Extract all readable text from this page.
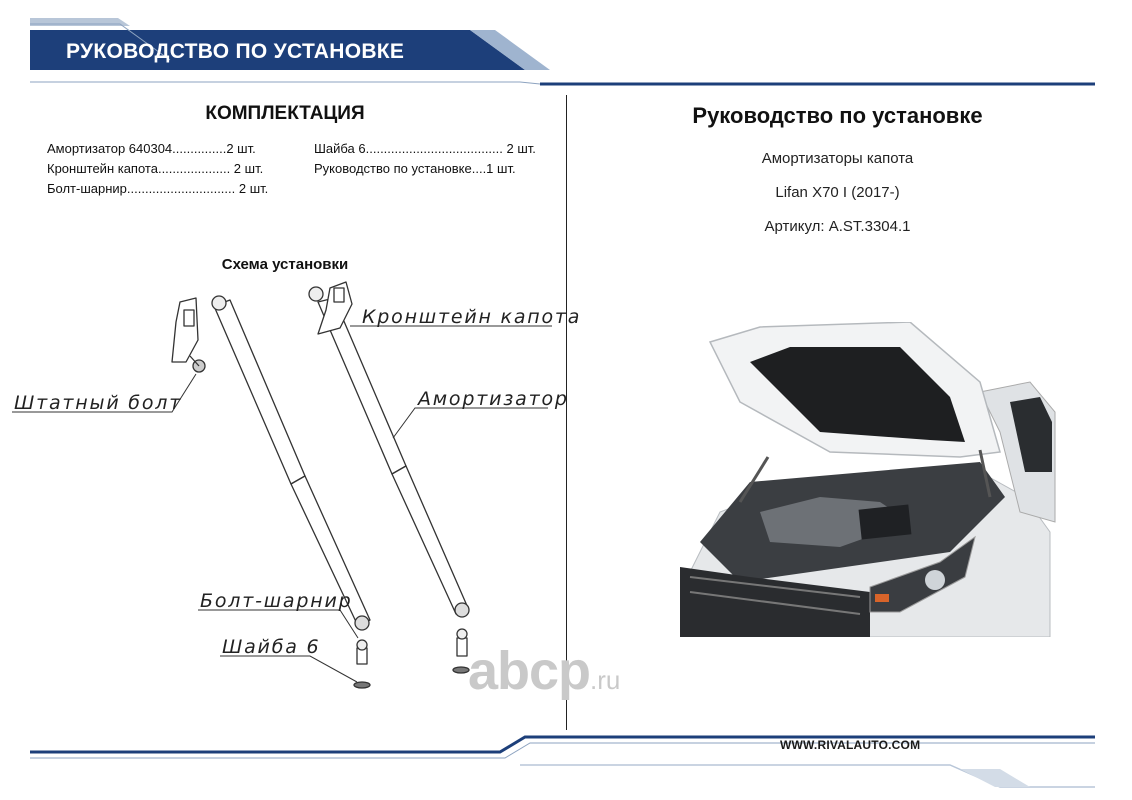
РУКОВОДСТВО ПО УСТАНОВКЕ
КОМПЛЕКТАЦИЯ
Амортизатор 640304...............2 шт.
Кронштейн капота.................... 2 шт.
Болт-шарнир.............................. 2 шт.
Шайба 6...................................... 2 шт.
Руководство по установке....1 шт.
Схема установки
Кронштейн капота
Штатный болт	Амортизатор
Болт-шарнир
Шайба 6
Руководство по установке
Амортизаторы капота
Lifan X70 I (2017-)
Артикул: A.ST.3304.1
abcp.ru
WWW.RIVALAUTO.COM
